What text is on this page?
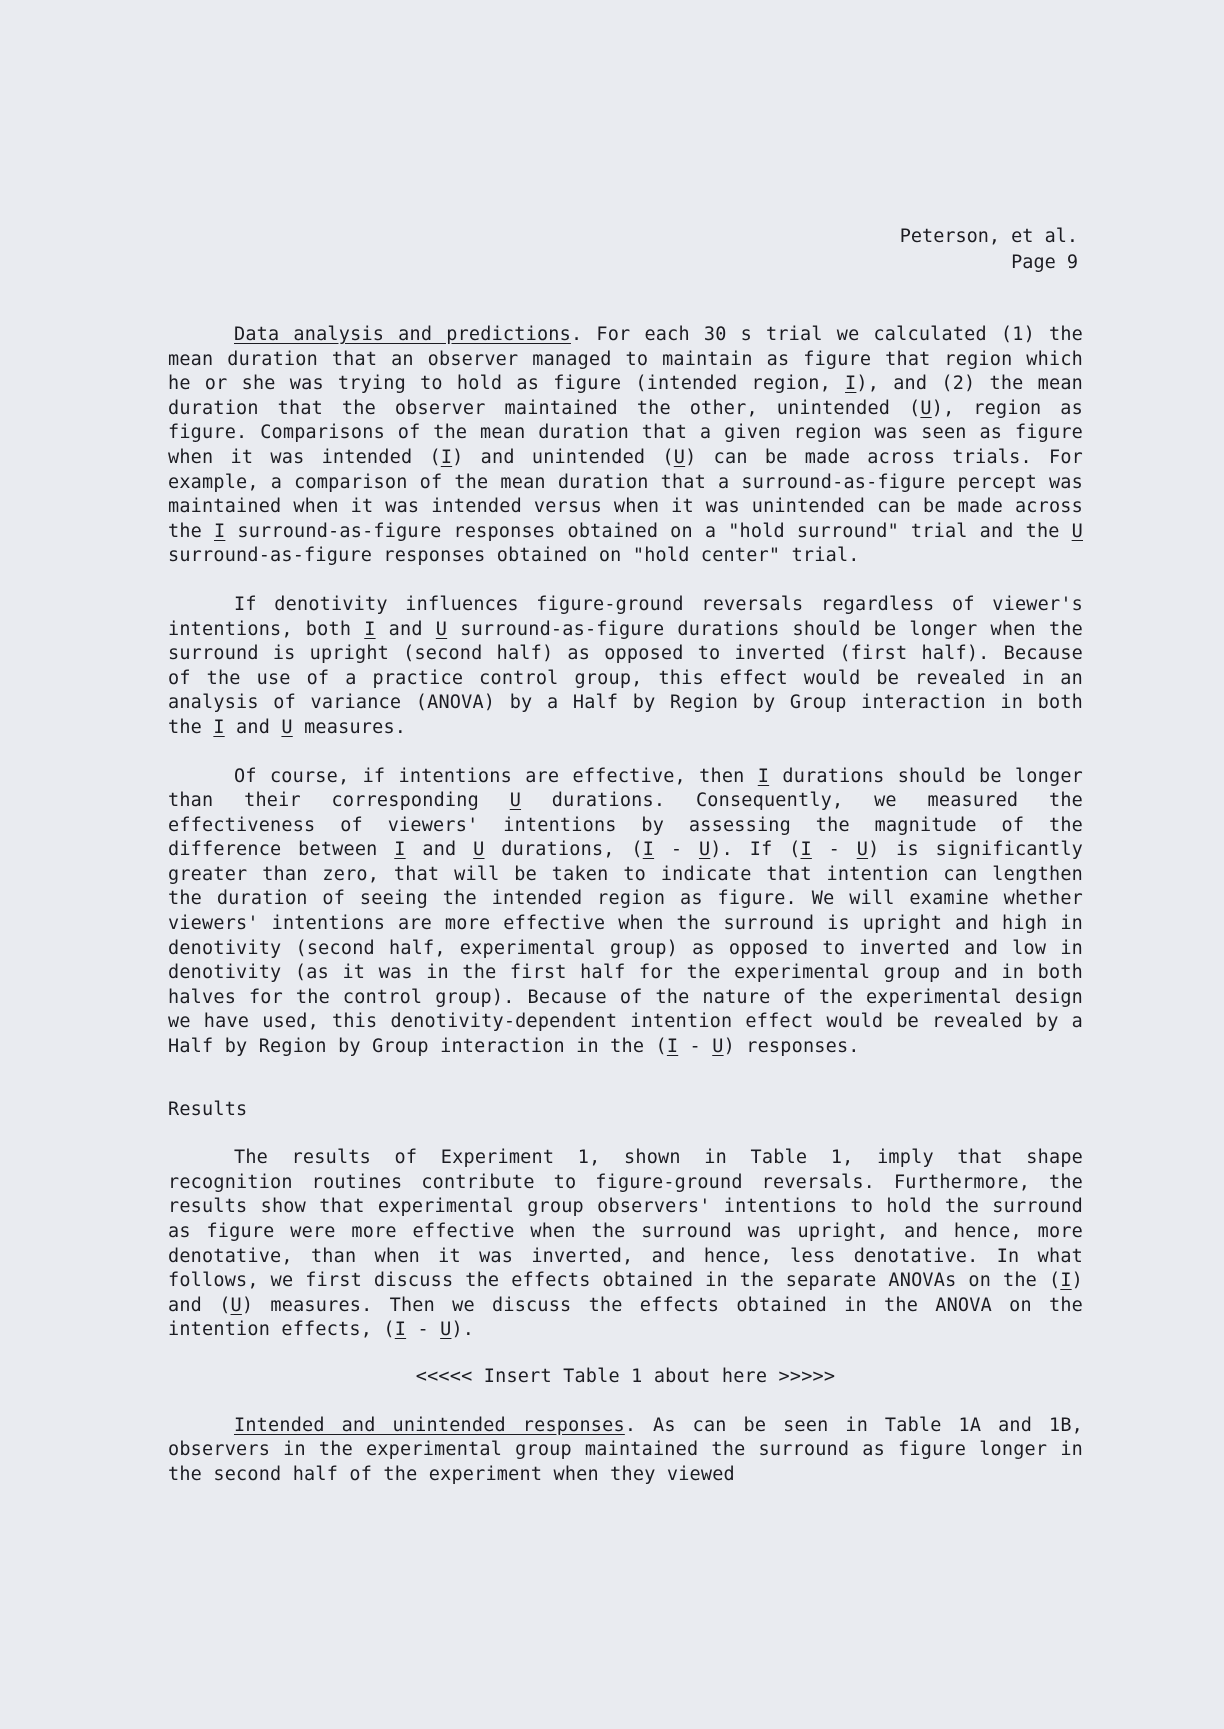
Peterson, et al.
Page 9

Data analysis and predictions. For each 30 s trial we calculated (1) the mean duration that an observer managed to maintain as figure that region which he or she was trying to hold as figure (intended region, I), and (2) the mean duration that the observer maintained the other, unintended (U), region as figure. Comparisons of the mean duration that a given region was seen as figure when it was intended (I) and unintended (U) can be made across trials. For example, a comparison of the mean duration that a surround-as-figure percept was maintained when it was intended versus when it was unintended can be made across the I surround-as-figure responses obtained on a "hold surround" trial and the U surround-as-figure responses obtained on "hold center" trial.

If denotivity influences figure-ground reversals regardless of viewer's intentions, both I and U surround-as-figure durations should be longer when the surround is upright (second half) as opposed to inverted (first half). Because of the use of a practice control group, this effect would be revealed in an analysis of variance (ANOVA) by a Half by Region by Group interaction in both the I and U measures.

Of course, if intentions are effective, then I durations should be longer than their corresponding U durations. Consequently, we measured the effectiveness of viewers' intentions by assessing the magnitude of the difference between I and U durations, (I - U). If (I - U) is significantly greater than zero, that will be taken to indicate that intention can lengthen the duration of seeing the intended region as figure. We will examine whether viewers' intentions are more effective when the surround is upright and high in denotivity (second half, experimental group) as opposed to inverted and low in denotivity (as it was in the first half for the experimental group and in both halves for the control group). Because of the nature of the experimental design we have used, this denotivity-dependent intention effect would be revealed by a Half by Region by Group interaction in the (I - U) responses.

Results

The results of Experiment 1, shown in Table 1, imply that shape recognition routines contribute to figure-ground reversals. Furthermore, the results show that experimental group observers' intentions to hold the surround as figure were more effective when the surround was upright, and hence, more denotative, than when it was inverted, and hence, less denotative. In what follows, we first discuss the effects obtained in the separate ANOVAs on the (I) and (U) measures. Then we discuss the effects obtained in the ANOVA on the intention effects, (I - U).

<<<<< Insert Table 1 about here >>>>>

Intended and unintended responses. As can be seen in Table 1A and 1B, observers in the experimental group maintained the surround as figure longer in the second half of the experiment when they viewed
